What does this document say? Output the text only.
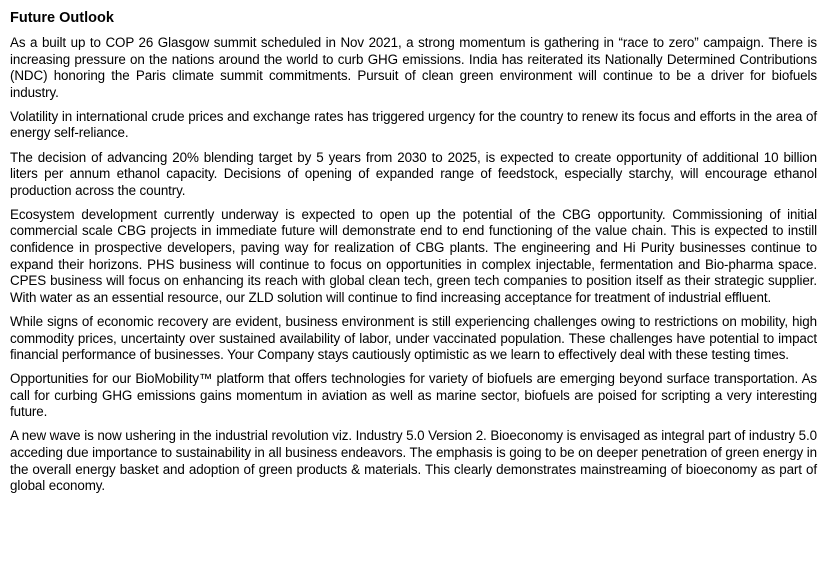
Future Outlook

As a built up to COP 26 Glasgow summit scheduled in Nov 2021, a strong momentum is gathering in “race to zero” campaign. There is increasing pressure on the nations around the world to curb GHG emissions. India has reiterated its Nationally Determined Contributions (NDC) honoring the Paris climate summit commitments. Pursuit of clean green environment will continue to be a driver for biofuels industry.

Volatility in international crude prices and exchange rates has triggered urgency for the country to renew its focus and efforts in the area of energy self-reliance.

The decision of advancing 20% blending target by 5 years from 2030 to 2025, is expected to create opportunity of additional 10 billion liters per annum ethanol capacity. Decisions of opening of expanded range of feedstock, especially starchy, will encourage ethanol production across the country.

Ecosystem development currently underway is expected to open up the potential of the CBG opportunity. Commissioning of initial commercial scale CBG projects in immediate future will demonstrate end to end functioning of the value chain. This is expected to instill confidence in prospective developers, paving way for realization of CBG plants. The engineering and Hi Purity businesses continue to expand their horizons. PHS business will continue to focus on opportunities in complex injectable, fermentation and Bio-pharma space. CPES business will focus on enhancing its reach with global clean tech, green tech companies to position itself as their strategic supplier. With water as an essential resource, our ZLD solution will continue to find increasing acceptance for treatment of industrial effluent.

While signs of economic recovery are evident, business environment is still experiencing challenges owing to restrictions on mobility, high commodity prices, uncertainty over sustained availability of labor, under vaccinated population. These challenges have potential to impact financial performance of businesses. Your Company stays cautiously optimistic as we learn to effectively deal with these testing times.

Opportunities for our BioMobility™ platform that offers technologies for variety of biofuels are emerging beyond surface transportation. As call for curbing GHG emissions gains momentum in aviation as well as marine sector, biofuels are poised for scripting a very interesting future.

A new wave is now ushering in the industrial revolution viz. Industry 5.0 Version 2. Bioeconomy is envisaged as integral part of industry 5.0 acceding due importance to sustainability in all business endeavors. The emphasis is going to be on deeper penetration of green energy in the overall energy basket and adoption of green products & materials. This clearly demonstrates mainstreaming of bioeconomy as part of global economy.
